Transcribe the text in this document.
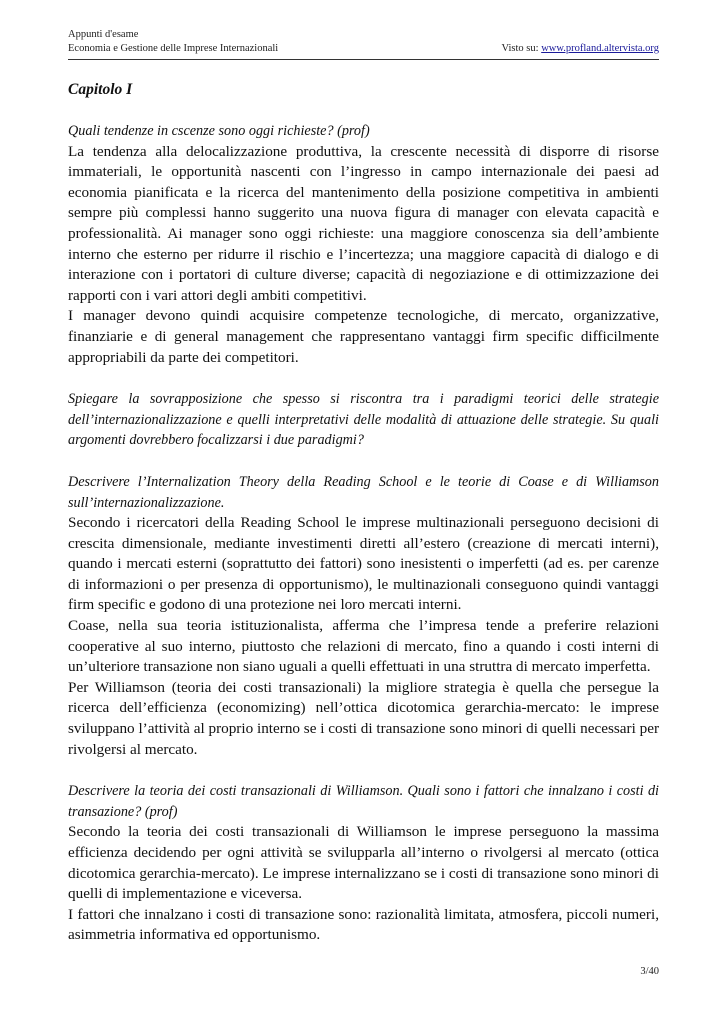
Appunti d'esame
Economia e Gestione delle Imprese Internazionali	Visto su: www.profland.altervista.org
Capitolo I

Quali tendenze in cscenze sono oggi richieste? (prof)

La tendenza alla delocalizzazione produttiva, la crescente necessità di disporre di risorse immateriali, le opportunità nascenti con l’ingresso in campo internazionale dei paesi ad economia pianificata e la ricerca del mantenimento della posizione competitiva in ambienti sempre più complessi hanno suggerito una nuova figura di manager con elevata capacità e professionalità. Ai manager sono oggi richieste: una maggiore conoscenza sia dell’ambiente interno che esterno per ridurre il rischio e l’incertezza; una maggiore capacità di dialogo e di interazione con i portatori di culture diverse; capacità di negoziazione e di ottimizzazione dei rapporti con i vari attori degli ambiti competitivi.

I manager devono quindi acquisire competenze tecnologiche, di mercato, organizzative, finanziarie e di general management che rappresentano vantaggi firm specific difficilmente appropriabili da parte dei competitori.

Spiegare la sovrapposizione che spesso si riscontra tra i paradigmi teorici delle strategie dell’internazionalizzazione e quelli interpretativi delle modalità di attuazione delle strategie. Su quali argomenti dovrebbero focalizzarsi i due paradigmi?

Descrivere l’Internalization Theory della Reading School e le teorie di Coase e di Williamson sull’internazionalizzazione.

Secondo i ricercatori della Reading School le imprese multinazionali perseguono decisioni di crescita dimensionale, mediante investimenti diretti all’estero (creazione di mercati interni), quando i mercati esterni (soprattutto dei fattori) sono inesistenti o imperfetti (ad es. per carenze di informazioni o per presenza di opportunismo), le multinazionali conseguono quindi vantaggi firm specific e godono di una protezione nei loro mercati interni.

Coase, nella sua teoria istituzionalista, afferma che l’impresa tende a preferire relazioni cooperative al suo interno, piuttosto che relazioni di mercato, fino a quando i costi interni di un’ulteriore transazione non siano uguali a quelli effettuati in una struttra di mercato imperfetta.

Per Williamson (teoria dei costi transazionali) la migliore strategia è quella che persegue la ricerca dell’efficienza (economizing) nell’ottica dicotomica gerarchia-mercato: le imprese sviluppano l’attività al proprio interno se i costi di transazione sono minori di quelli necessari per rivolgersi al mercato.

Descrivere la teoria dei costi transazionali di Williamson. Quali sono i fattori che innalzano i costi di transazione? (prof)

Secondo la teoria dei costi transazionali di Williamson le imprese perseguono la massima efficienza decidendo per ogni attività se svilupparla all’interno o rivolgersi al mercato (ottica dicotomica gerarchia-mercato). Le imprese internalizzano se i costi di transazione sono minori di quelli di implementazione e viceversa.

I fattori che innalzano i costi di transazione sono: razionalità limitata, atmosfera, piccoli numeri, asimmetria informativa ed opportunismo.

3/40
